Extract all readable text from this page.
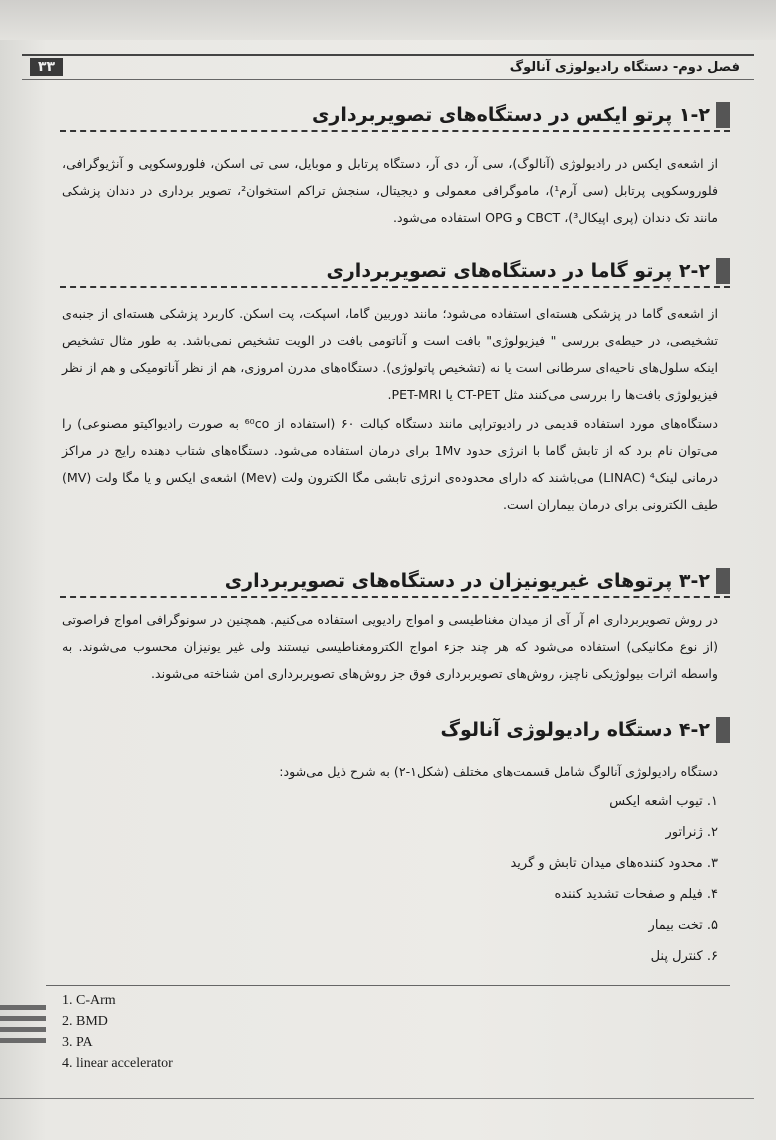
فصل دوم- دستگاه رادیولوژی آنالوگ
۳۳
۱-۲ پرتو ایکس در دستگاه‌های تصویربرداری
از اشعه‌ی ایکس در رادیولوژی (آنالوگ)، سی آر، دی آر، دستگاه پرتابل و موبایل، سی تی اسکن، فلوروسکوپی و آنژیوگرافی، فلوروسکوپی پرتابل (سی آرم¹)، ماموگرافی معمولی و دیجیتال، سنجش تراکم استخوان²، تصویر برداری در دندان پزشکی مانند تک دندان (پری اپیکال³)، CBCT و OPG استفاده می‌شود.
۲-۲ پرتو گاما در دستگاه‌های تصویربرداری
از اشعه‌ی گاما در پزشکی هسته‌ای استفاده می‌شود؛ مانند دوربین گاما، اسپکت، پت اسکن. کاربرد پزشکی هسته‌ای از جنبه‌ی تشخیصی، در حیطه‌ی بررسی " فیزیولوژی" بافت است و آناتومی بافت در الویت تشخیص نمی‌باشد. به طور مثال تشخیص اینکه سلول‌های ناحیه‌ای سرطانی است یا نه (تشخیص پاتولوژی). دستگاه‌های مدرن امروزی، هم از نظر آناتومیکی و هم از نظر فیزیولوژی بافت‌ها را بررسی می‌کنند مثل CT-PET یا PET-MRI.
دستگاه‌های مورد استفاده قدیمی در رادیوتراپی مانند دستگاه کبالت ۶۰ (استفاده از ⁶⁰co به صورت رادیواکیتو مصنوعی) را می‌توان نام برد که از تابش گاما با انرژی حدود 1Mv برای درمان استفاده می‌شود. دستگاه‌های شتاب دهنده رایج در مراکز درمانی لینک⁴ (LINAC) می‌باشند که دارای محدوده‌ی انرژی تابشی مگا الکترون ولت (Mev) اشعه‌ی ایکس و یا مگا ولت (MV) طیف الکترونی برای درمان بیماران است.
۳-۲ پرتوهای غیریونیزان در دستگاه‌های تصویربرداری
در روش تصویربرداری ام آر آی از میدان مغناطیسی و امواج رادیویی استفاده می‌کنیم. همچنین در سونوگرافی امواج فراصوتی (از نوع مکانیکی) استفاده می‌شود که هر چند جزء امواج الکترومغناطیسی نیستند ولی غیر یونیزان محسوب می‌شوند. به واسطه اثرات بیولوژیکی ناچیز، روش‌های تصویربرداری فوق جز روش‌های تصویربرداری امن شناخته می‌شوند.
۴-۲ دستگاه رادیولوژی آنالوگ
دستگاه رادیولوژی آنالوگ شامل قسمت‌های مختلف (شکل۱-۲) به شرح ذیل می‌شود:
۱. تیوب اشعه ایکس
۲. ژنراتور
۳. محدود کننده‌های میدان تابش و گرید
۴. فیلم و صفحات تشدید کننده
۵. تخت بیمار
۶. کنترل پنل
1. C-Arm
2. BMD
3. PA
4. linear accelerator
